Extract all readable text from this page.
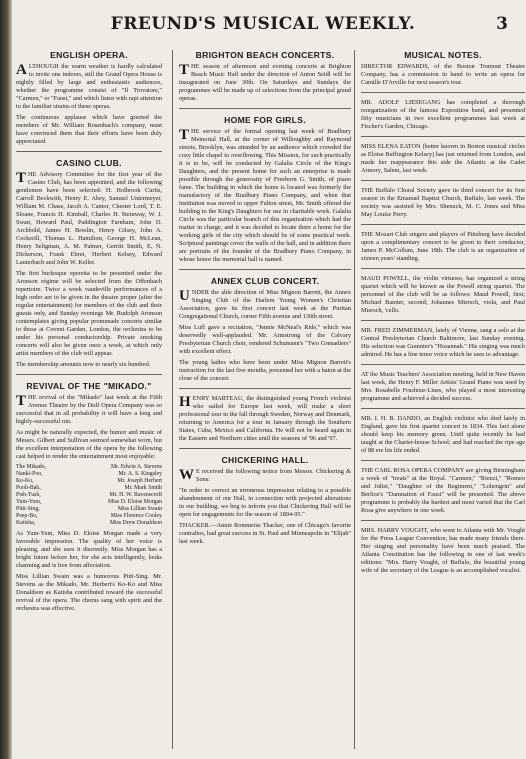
FREUND'S MUSICAL WEEKLY.	3
ENGLISH OPERA.

ALTHOUGH the warm weather is hardly calculated to invite one indoors, still the Grand Opera House is nightly filled by large and enthusiastic audiences, whether the programme consist of "Il Trovatore," "Carmen," or "Faust," and which listen with rapt attention to the familiar strains of these operas.

The continuous applause which have greeted the members of Mr. William Rosenbach's company, must have convinced them that their efforts have been duly appreciated.

CASINO CLUB.

THE Advisory Committee for the first year of the Casino Club, has been appointed, and the following gentlemen have been selected: H. Holbrook Curtis, Carroll Beckwith, Henry E. Abey, Samuel Untermeyer, William M. Chase, Jacob A. Cantor, Chester Lord, T. E. Sloane, Francis H. Kimball, Charles H. Steinway, W. J. Swan, Howard Paul, Paddington Farnham, John D. Archbold, James H. Breslin, Henry Gilsey, John A. Cockerill, Thomas L. Hamilton, George H. McLean, Henry Seligman, A. M. Palmer, Gerritt Smith, E. N. Dickerson, Frank Ebret, Herbert Kelsey, Edward Lauterbach and John W. Keller.

The first burlesque operetta to be presented under the Aronson régime will be selected from the Offenbach repertoire. Twice a week vaudeville performances of a high order are to be given in the theatre proper (after the regular entertainment) for members of the club and their guests only, and Sunday evenings Mr. Rudolph Aronson contemplates giving popular promenade concerts similar to those at Covent Garden, London, the orchestra to be under his personal conductorship. Private smoking concerts will also be given once a week, at which only artist members of the club will appear.

The membership amounts now to nearly six hundred.

REVIVAL OF THE "MIKADO."

THE revival of the "Mikado" last week at the Fifth Avenue Theatre by the Duff Opera Company was so successful that in all probability it will have a long and highly-successful run.

As might be naturally expected, the humor and music of Messrs. Gilbert and Sullivan seemed somewhat worn, but the excellent interpretation of the opera by the following cast helped to render the entertainment most enjoyable:

The Mikado,	Mr. Edwin A. Stevens
Nanki-Poo,	Mr. A. S. Kingsley
Ko-Ko,	Mr. Joseph Herbert
Pooh-Bah,	Mr. Mark Smith
Pish-Tush,	Mr. H. W. Ravenscroft
Yum-Yum,	Miss D. Eloise Morgan
Pitti-Sing,	Miss Lillian Swain
Peep-Bo,	Miss Florence Cooley
Katisha,	Miss Drew Donaldson

As Yum-Yum, Miss D. Eloise Morgan made a very favorable impression. The quality of her voice is pleasing, and she uses it discreetly. Miss Morgan has a bright future before her, for she acts intelligently, looks charming and is free from affectation.

Miss Lillian Swain was a humorous Pitti-Sing. Mr. Stevens as the Mikado, Mr. Herbert's Ko-Ko and Miss Donaldson as Katisha contributed toward the successful revival of the opera. The chorus sang with spirit and the orchestra was effective.

BRIGHTON BEACH CONCERTS.

THE season of afternoon and evening concerts at Brighton Beach Music Hall under the direction of Anton Seidl will be inaugurated on June 30th. On Saturdays and Sundays the programmes will be made up of selections from the principal grand operas.

HOME FOR GIRLS.

THE service of the formal opening last week of Bradbury Memorial Hall, at the corner of Willoughby and Raymond streets, Brooklyn, was attended by an audience which crowded the cozy little chapel to overflowing. This Mission, for such practically it is to be, will be conducted by Galalia Circle of the King's Daughters, and the present home for such an enterprise is made possible through the generosity of Freeborn G. Smith, of piano fame. The building in which the home is located was formerly the manufactory of the Bradbury Piano Company, and when that institution was moved to upper Fulton street, Mr. Smith offered the building to the King's Daughters for use in charitable work. Galalia Circle was the particular branch of this organization which had the matter in charge, and it was decided to locate there a home for the working girls of the city which should be of some practical work. Scriptural paintings cover the walls of the hall, and in addition there are portraits of the founder of the Bradbury Piano Company, in whose honor the memorial hall is named.

ANNEX CLUB CONCERT.

UNDER the able direction of Miss Mignon Barrett, the Annex Singing Club of the Harlem Young Women's Christian Association, gave its first concert last week at the Puritan Congregational Church, corner Fifth avenue and 130th street.

Miss Luff gave a recitation, "Jennie McNeal's Ride," which was deservedly well-applauded. Mr. Armstrong of the Calvary Presbyterian Church choir, rendered Schumann's "Two Grenadiers" with excellent effect.

The young ladies who have been under Miss Mignon Barrett's instruction for the last five months, presented her with a baton at the close of the concert.

HENRY MARTEAU, the distinguished young French violinist who sailed for Europe last week, will make a short professional tour in the fall through Sweden, Norway and Denmark, returning to America for a tour in January through the Southern States, Cuba, Mexico and California. He will not be heard again in the Eastern and Northern cities until the seasons of '96 and '97.

CHICKERING HALL.

W E received the following notice from Messrs. Chickering & Sons:

"In order to correct an erroneous impression relating to a possible abandonment of our Hall, in connection with projected alterations in our building, we beg to inform you that Chickering Hall will be open for engagements for the season of 1894-95."

THACKER.—Annie Rommeiss Thacker, one of Chicago's favorite contraltos, had great success in St. Paul and Minneapolis in "Elijah" last week.

MUSICAL NOTES.

DIRECTOR EDWARDS, of the Boston Tremont Theatre Company, has a commission in hand to write an opera for Camille D'Arville for next season's tour.

MR. ADOLF LIESEGANG has completed a thorough reorganization of the famous Exposition band, and presented fifty musicians in two excellent programmes last week at Fischer's Garden, Chicago.

MISS ELENA EATON (better known in Boston musical circles as Eloise Buffington Kelsey) has just returned from London, and made her reappearance this side the Atlantic at the Cadet Armory, Salem, last week.

THE Buffalo Choral Society gave its third concert for its first season in the Emanuel Baptist Church, Buffalo, last week. The society was assisted by Mrs. Shenuck, M. C. Jones and Miss May Louise Perry.

THE Mozart Club singers and players of Pittsburg have decided upon a complimentary concert to be given to their conductor, James P. McCollum, June 18th. The club is an organization of sixteen years' standing.

MAUD POWELL, the violin virtuoso, has organized a string quartet which will be known as the Powell string quartet. The personnel of the club will be as follows: Maud Powell, first; Michael Banner, second; Johannes Miersch, viola, and Paul Miersch, 'cello.

MR. FRED ZIMMERMAN, lately of Vienna, sang a solo at the Central Presbyterian Church Baltimore, last Sunday evening. His selection was Grannier's "Hosannah." His singing was much admired. He has a fine tenor voice which he uses to advantage.

AT the Music Teachers' Association meeting, held in New Haven last week, the Henry F. Miller Artists' Grand Piano was used by Mrs. Rosabelle Frushour-Lines, who played a most interesting programme and achieved a decided success.

MR. I. H. B. DANDO, an English violinist who died lately in England, gave his first quartet concert in 1834. This fact alone should keep his memory green. Until quite recently he had taught at the Charter-house School; and had reached the ripe age of 88 ere his life ended.

THE CARL ROSA OPERA COMPANY are giving Birmingham a week of "treats" at the Royal. "Carmen," "Rienzi," "Romeo and Juliet," "Daughter of the Regiment," "Lohengrin" and Berlioz's "Damnation of Faust" will be presented. The above programme is probably the hardest and most varied that the Carl Rosa give anywhere in one week.

MRS. HARRY VOUGHT, who went to Atlanta with Mr. Vought for the Press League Convention, has made many friends there. Her singing and personality have been much praised. The Atlanta Constitution has the following in one of last week's editions: "Mrs. Harry Vought, of Buffalo, the beautiful young wife of the secretary of the League is an accomplished vocalist.
